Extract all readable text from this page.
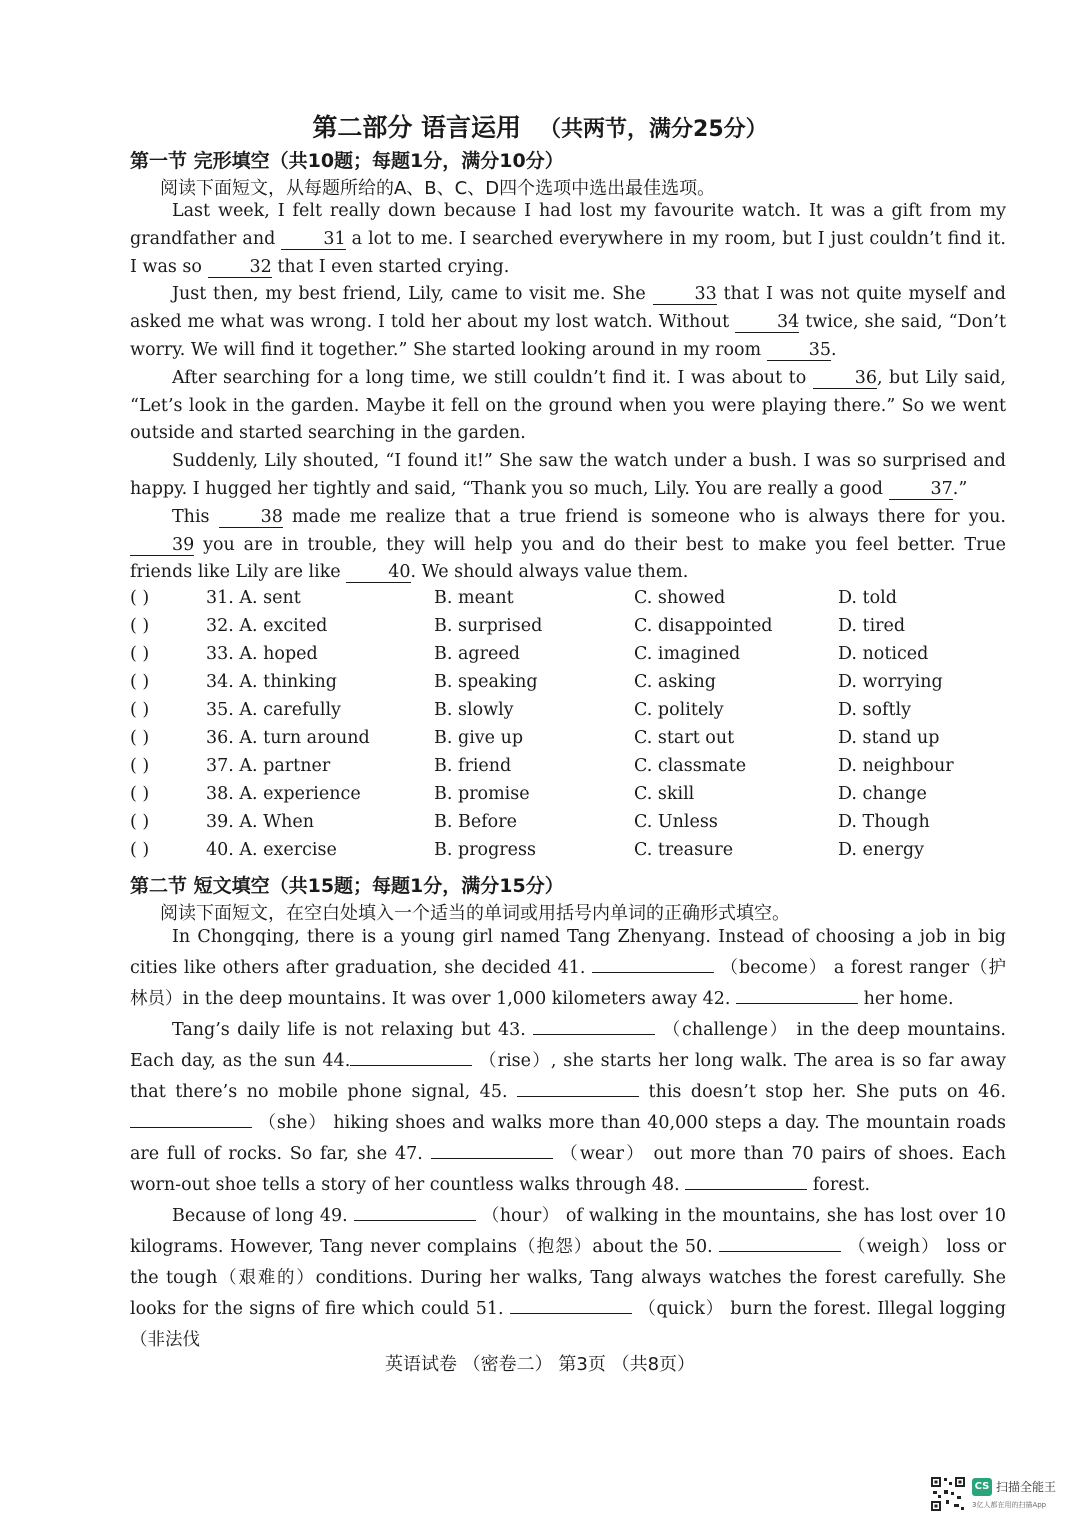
第二部分 语言运用 （共两节，满分25分）
第一节 完形填空（共10题；每题1分，满分10分）
阅读下面短文，从每题所给的A、B、C、D四个选项中选出最佳选项。

Last week, I felt really down because I had lost my favourite watch. It was a gift from my grandfather and 31 a lot to me. I searched everywhere in my room, but I just couldn’t find it. I was so 32 that I even started crying.

Just then, my best friend, Lily, came to visit me. She 33 that I was not quite myself and asked me what was wrong. I told her about my lost watch. Without 34 twice, she said, “Don’t worry. We will find it together.” She started looking around in my room 35.

After searching for a long time, we still couldn’t find it. I was about to 36, but Lily said, “Let’s look in the garden. Maybe it fell on the ground when you were playing there.” So we went outside and started searching in the garden.

Suddenly, Lily shouted, “I found it!” She saw the watch under a bush. I was so surprised and happy. I hugged her tightly and said, “Thank you so much, Lily. You are really a good 37.”

This 38 made me realize that a true friend is someone who is always there for you. 39 you are in trouble, they will help you and do their best to make you feel better. True friends like Lily are like 40. We should always value them.

( )	31. A. sent	B. meant	C. showed	D. told
( )	32. A. excited	B. surprised	C. disappointed	D. tired
( )	33. A. hoped	B. agreed	C. imagined	D. noticed
( )	34. A. thinking	B. speaking	C. asking	D. worrying
( )	35. A. carefully	B. slowly	C. politely	D. softly
( )	36. A. turn around	B. give up	C. start out	D. stand up
( )	37. A. partner	B. friend	C. classmate	D. neighbour
( )	38. A. experience	B. promise	C. skill	D. change
( )	39. A. When	B. Before	C. Unless	D. Though
( )	40. A. exercise	B. progress	C. treasure	D. energy
第二节 短文填空（共15题；每题1分，满分15分）
阅读下面短文，在空白处填入一个适当的单词或用括号内单词的正确形式填空。

In Chongqing, there is a young girl named Tang Zhenyang. Instead of choosing a job in big cities like others after graduation, she decided 41.	（become） a forest ranger（护林员）in the deep mountains. It was over 1,000 kilometers away 42.	her home.

Tang’s daily life is not relaxing but 43.	（challenge） in the deep mountains. Each day, as the sun 44.	（rise）, she starts her long walk. The area is so far away that there’s no mobile phone signal, 45.	this doesn’t stop her. She puts on 46.  （she） hiking shoes and walks more than 40,000 steps a day. The mountain roads are full of rocks. So far, she 47.	（wear） out more than 70 pairs of shoes. Each worn-out shoe tells a story of her countless walks through 48.	forest.

Because of long 49.	（hour） of walking in the mountains, she has lost over 10 kilograms. However, Tang never complains（抱怨）about the 50.	（weigh） loss or the tough（艰难的）conditions. During her walks, Tang always watches the forest carefully. She looks for the signs of fire which could 51.	（quick） burn the forest. Illegal logging（非法伐

英语试卷 （密卷二） 第3页 （共8页）
CS 扫描全能王
3亿人都在用的扫描App
